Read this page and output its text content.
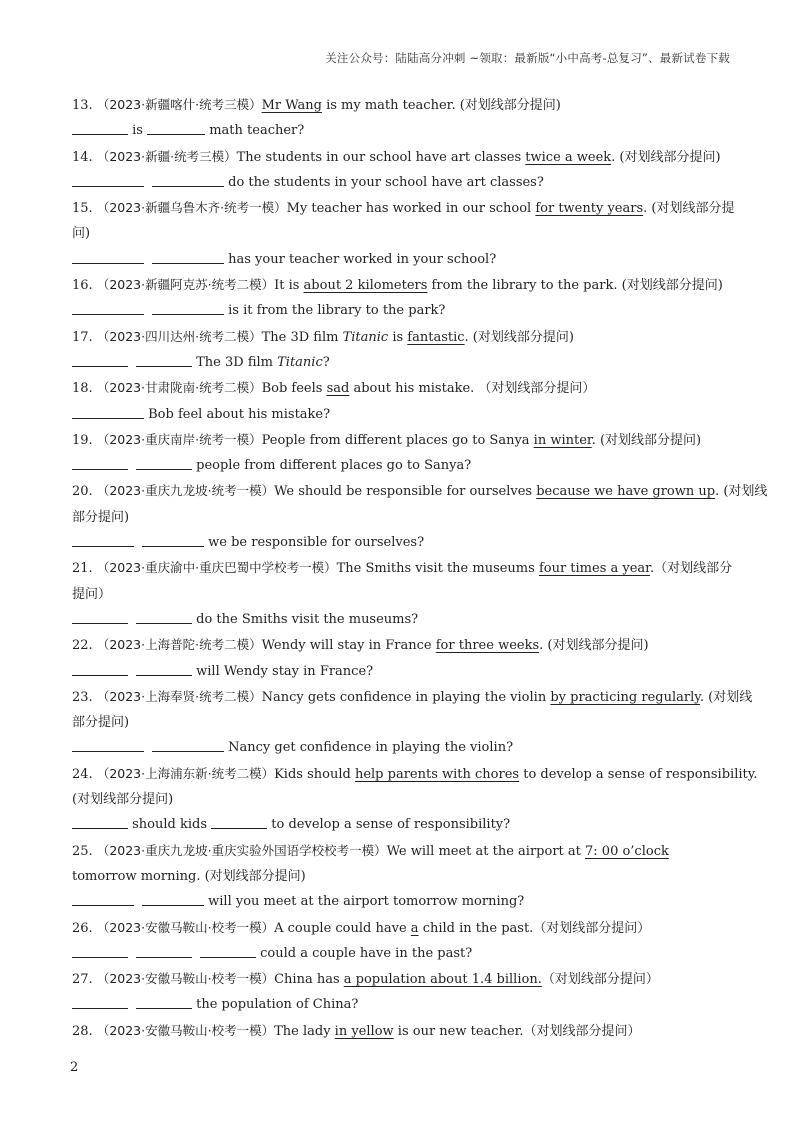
关注公众号：陆陆高分冲刺 ~领取：最新版“小中高考-总复习”、最新试卷下载
13. （2023·新疆喀什·统考三模）Mr Wang is my math teacher. (对划线部分提问)
is	math teacher?
14. （2023·新疆·统考三模）The students in our school have art classes twice a week. (对划线部分提问)
do the students in your school have art classes?
15. （2023·新疆乌鲁木齐·统考一模）My teacher has worked in our school for twenty years. (对划线部分提
问)
has your teacher worked in your school?
16. （2023·新疆阿克苏·统考二模）It is about 2 kilometers from the library to the park. (对划线部分提问)
is it from the library to the park?
17. （2023·四川达州·统考二模）The 3D film Titanic is fantastic. (对划线部分提问)
The 3D film Titanic?
18. （2023·甘肃陇南·统考二模）Bob feels sad about his mistake. （对划线部分提问）
Bob feel about his mistake?
19. （2023·重庆南岸·统考一模）People from different places go to Sanya in winter. (对划线部分提问)
people from different places go to Sanya?
20. （2023·重庆九龙坡·统考一模）We should be responsible for ourselves because we have grown up. (对划线
部分提问)
we be responsible for ourselves?
21. （2023·重庆渝中·重庆巴蜀中学校考一模）The Smiths visit the museums four times a year.（对划线部分
提问）
do the Smiths visit the museums?
22. （2023·上海普陀·统考二模）Wendy will stay in France for three weeks. (对划线部分提问)
will Wendy stay in France?
23. （2023·上海奉贤·统考二模）Nancy gets confidence in playing the violin by practicing regularly. (对划线
部分提问)
Nancy get confidence in playing the violin?
24. （2023·上海浦东新·统考二模）Kids should help parents with chores to develop a sense of responsibility.
(对划线部分提问)
should kids	to develop a sense of responsibility?
25. （2023·重庆九龙坡·重庆实验外国语学校校考一模）We will meet at the airport at 7: 00 o’clock
tomorrow morning. (对划线部分提问)
will you meet at the airport tomorrow morning?
26. （2023·安徽马鞍山·校考一模）A couple could have a child in the past.（对划线部分提问）
could a couple have in the past?
27. （2023·安徽马鞍山·校考一模）China has a population about 1.4 billion.（对划线部分提问）
the population of China?
28. （2023·安徽马鞍山·校考一模）The lady in yellow is our new teacher.（对划线部分提问）
2
